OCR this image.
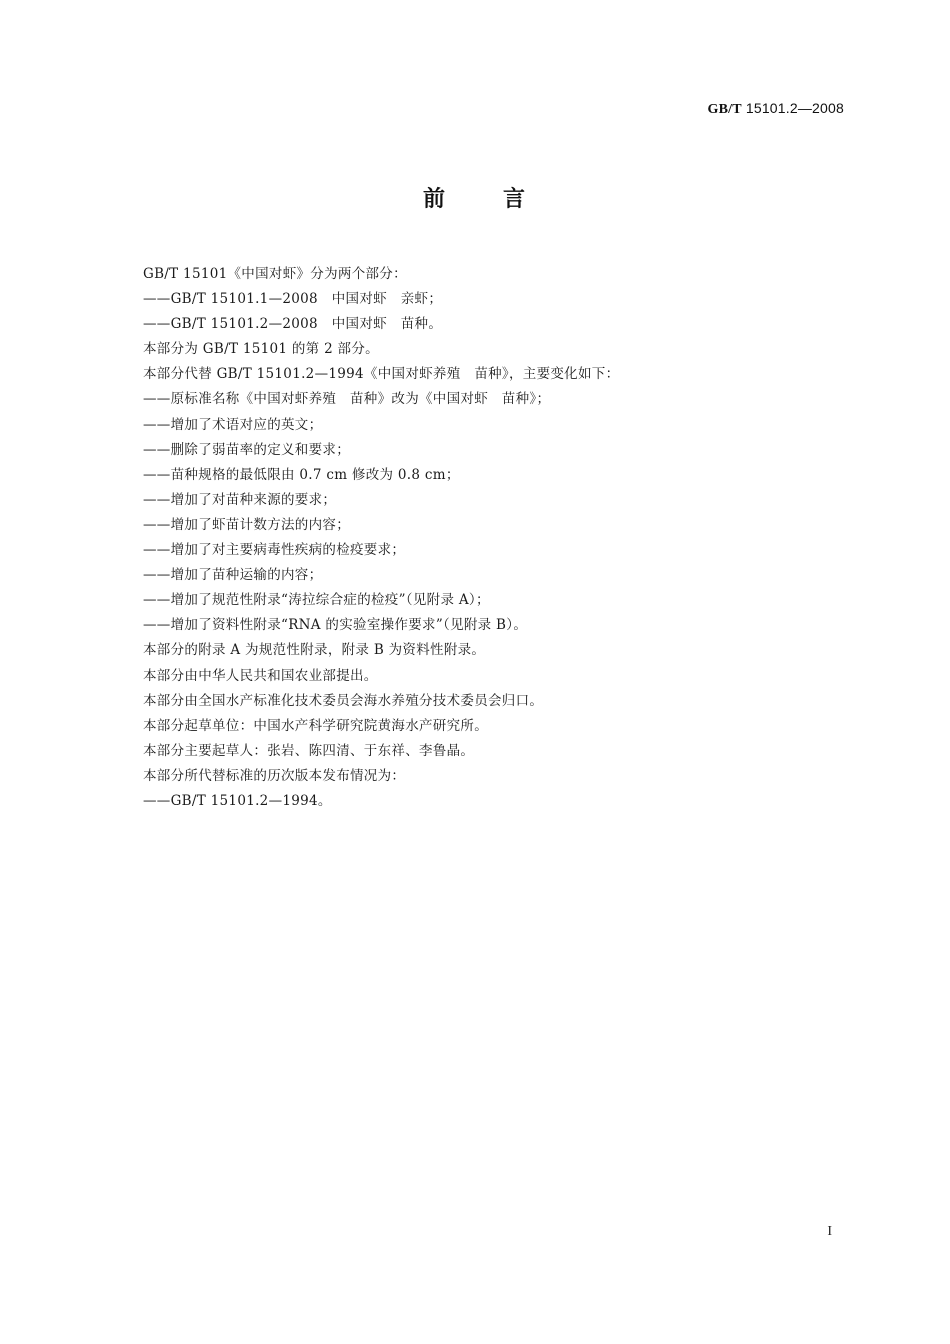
GB/T 15101.2—2008
前	言
GB/T 15101《中国对虾》分为两个部分：
——GB/T 15101.1—2008　中国对虾　亲虾；
——GB/T 15101.2—2008　中国对虾　苗种。
本部分为 GB/T 15101 的第 2 部分。
本部分代替 GB/T 15101.2—1994《中国对虾养殖　苗种》，主要变化如下：
——原标准名称《中国对虾养殖　苗种》改为《中国对虾　苗种》；
——增加了术语对应的英文；
——删除了弱苗率的定义和要求；
——苗种规格的最低限由 0.7 cm 修改为 0.8 cm；
——增加了对苗种来源的要求；
——增加了虾苗计数方法的内容；
——增加了对主要病毒性疾病的检疫要求；
——增加了苗种运输的内容；
——增加了规范性附录“涛拉综合症的检疫”（见附录 A）；
——增加了资料性附录“RNA 的实验室操作要求”（见附录 B）。
本部分的附录 A 为规范性附录，附录 B 为资料性附录。
本部分由中华人民共和国农业部提出。
本部分由全国水产标准化技术委员会海水养殖分技术委员会归口。
本部分起草单位：中国水产科学研究院黄海水产研究所。
本部分主要起草人：张岩、陈四清、于东祥、李鲁晶。
本部分所代替标准的历次版本发布情况为：
——GB/T 15101.2—1994。
I
